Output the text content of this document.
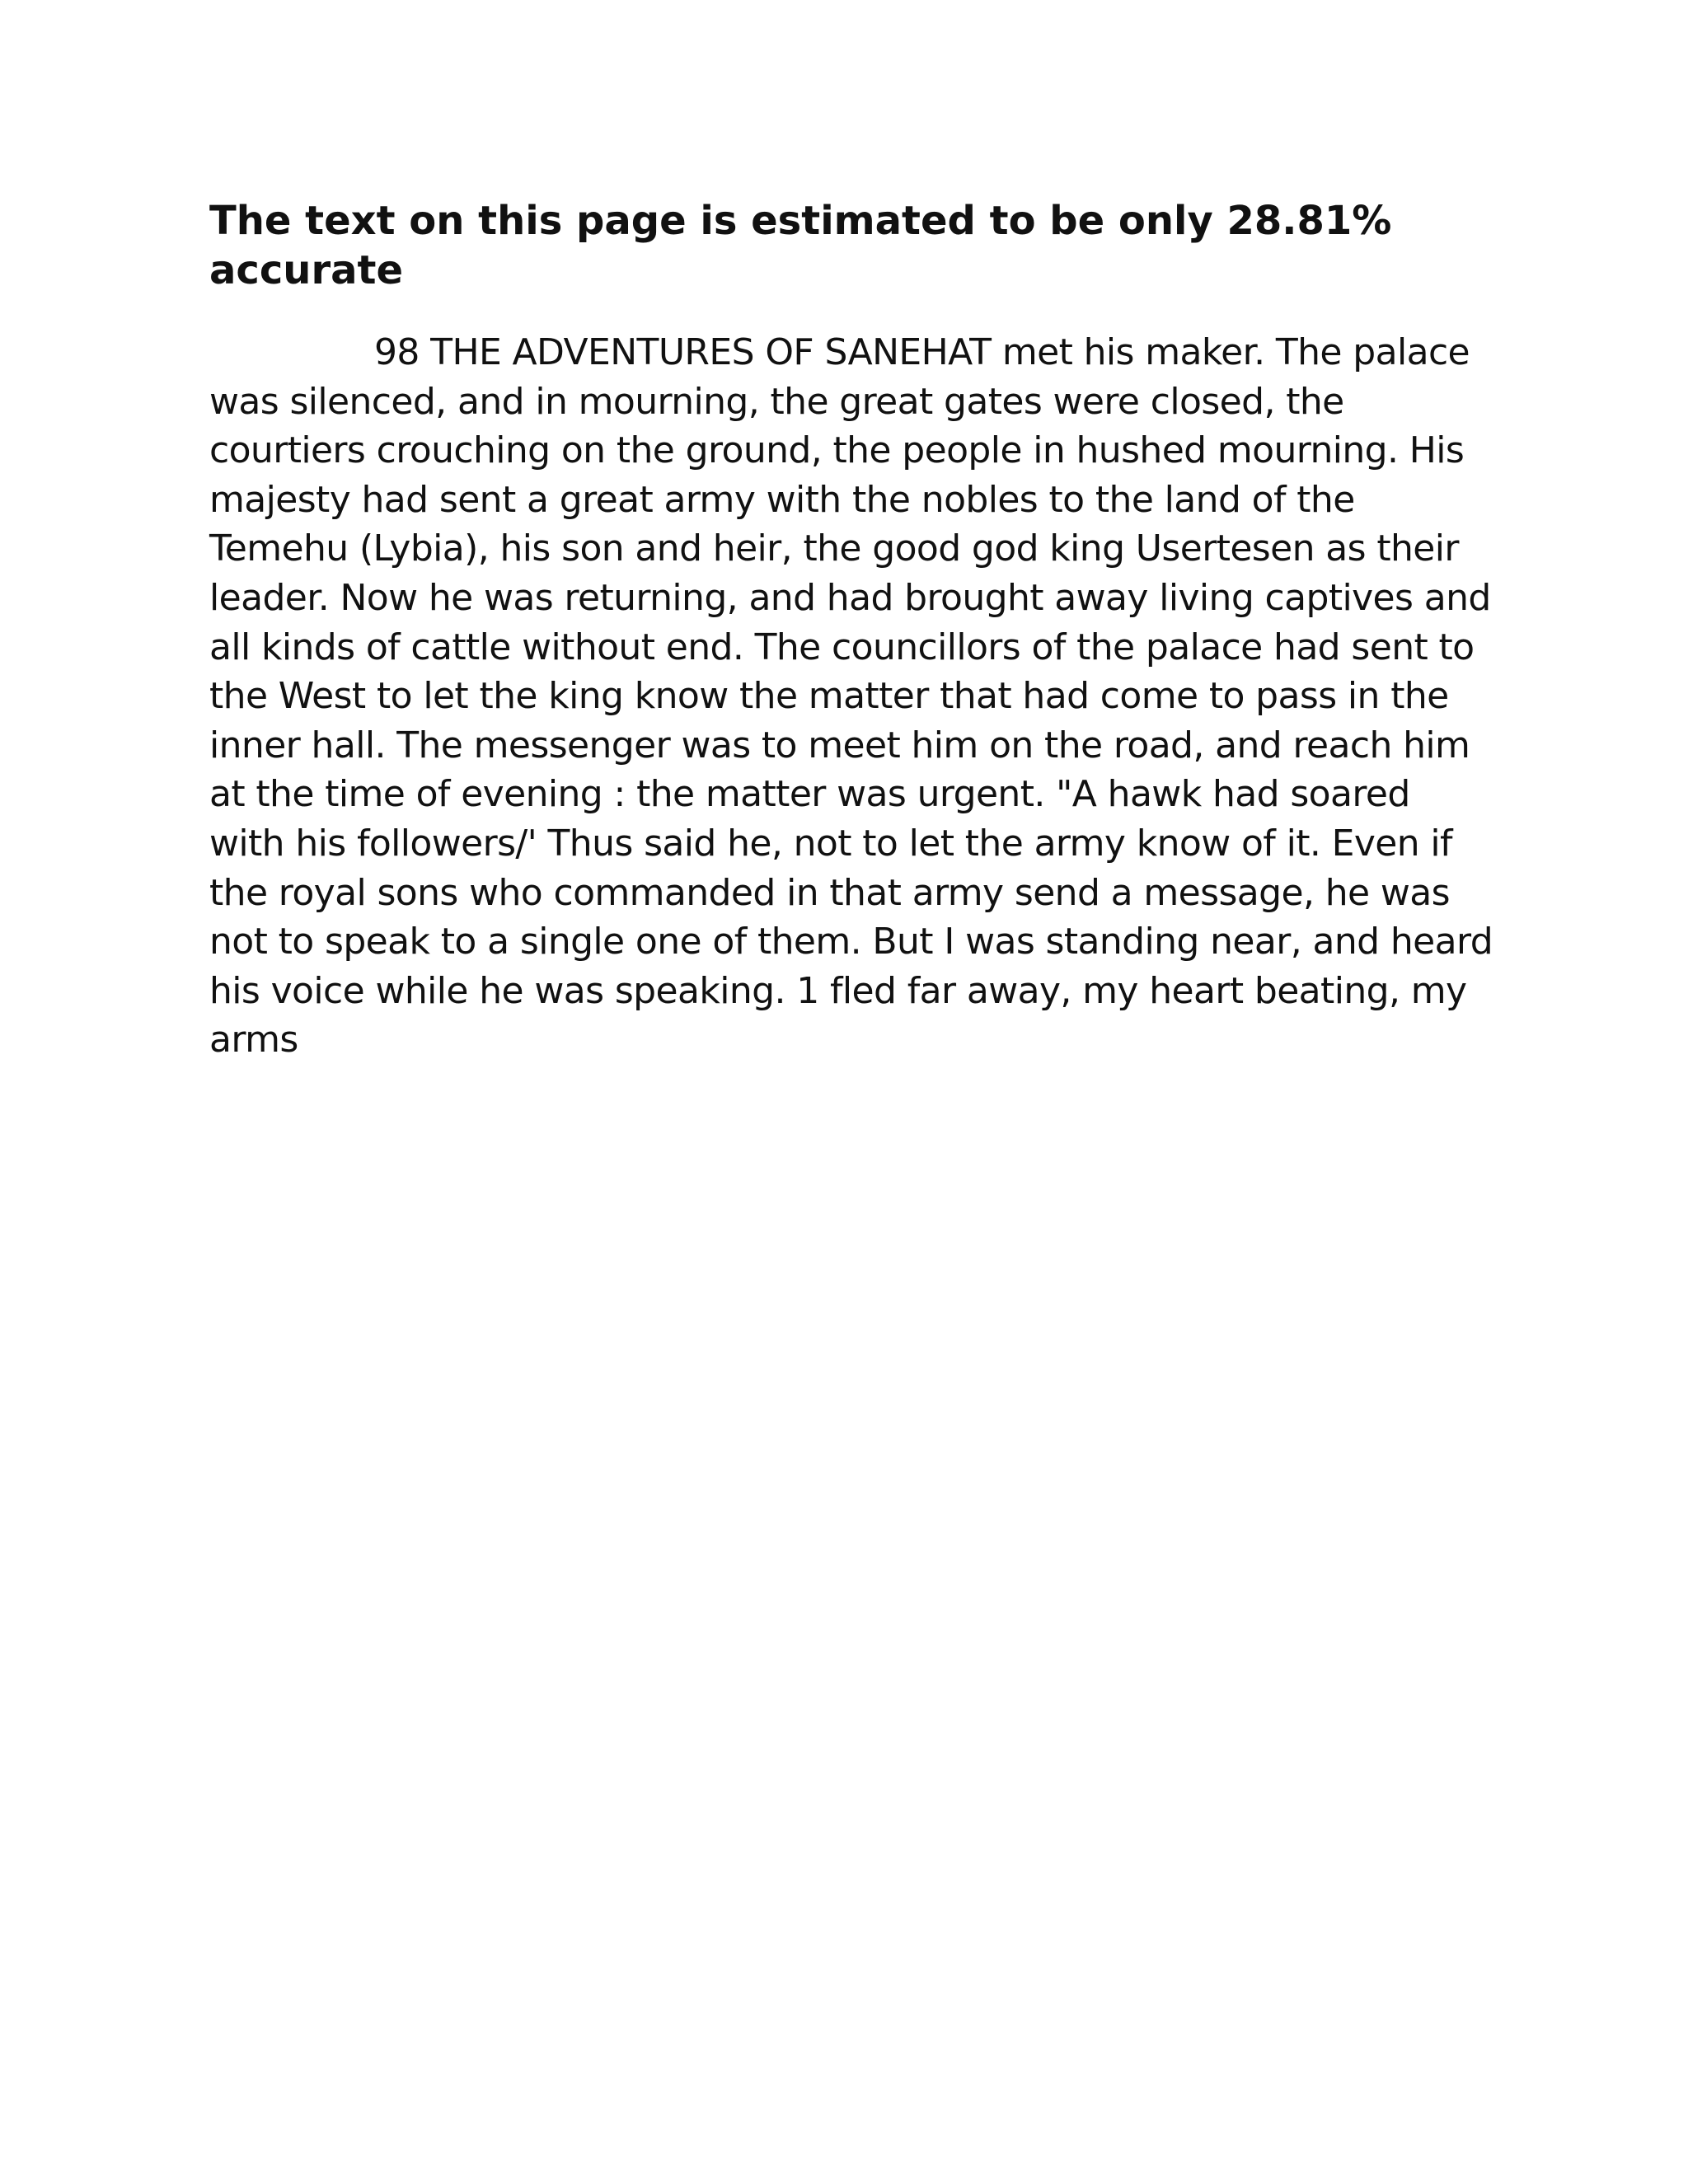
The text on this page is estimated to be only 28.81% accurate

98 THE ADVENTURES OF SANEHAT met his maker. The palace was silenced, and in mourning, the great gates were closed, the courtiers crouching on the ground, the people in hushed mourning. His majesty had sent a great army with the nobles to the land of the Temehu (Lybia), his son and heir, the good god king Usertesen as their leader. Now he was returning, and had brought away living captives and all kinds of cattle without end. The councillors of the palace had sent to the West to let the king know the matter that had come to pass in the inner hall. The messenger was to meet him on the road, and reach him at the time of evening : the matter was urgent. "A hawk had soared with his followers/' Thus said he, not to let the army know of it. Even if the royal sons who commanded in that army send a message, he was not to speak to a single one of them. But I was standing near, and heard his voice while he was speaking. 1 fled far away, my heart beating, my arms
